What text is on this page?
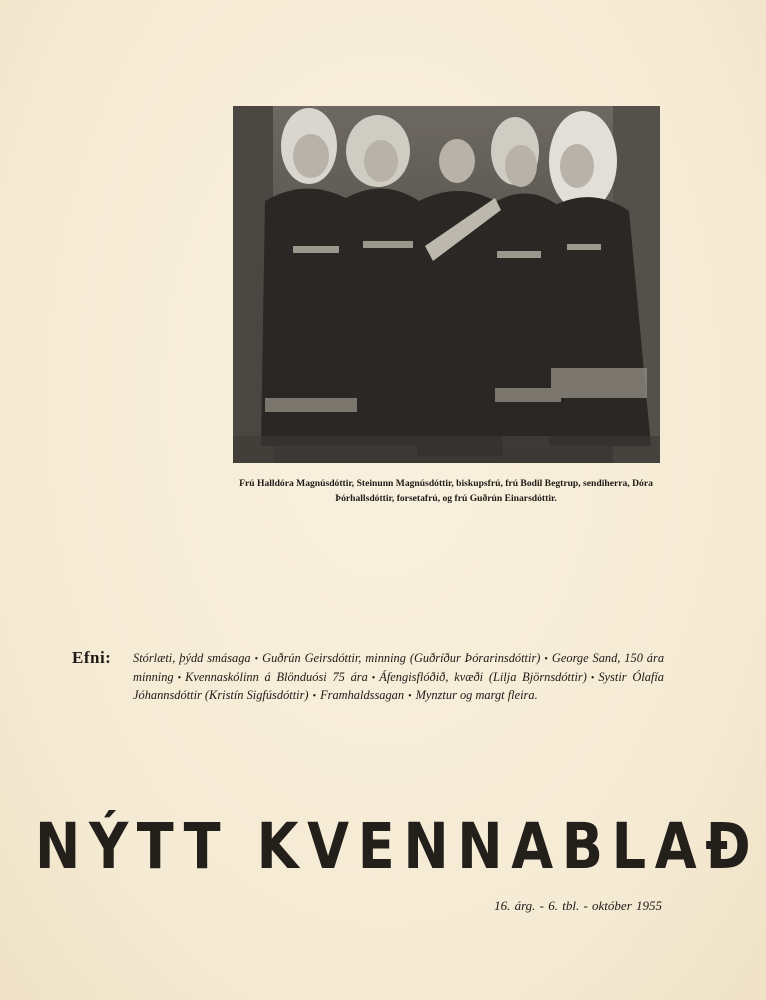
Frú Halldóra Magnúsdóttir, Steinunn Magnúsdóttir, biskupsfrú, frú Bodil Begtrup, sendiherra, Dóra Þórhallsdóttir, forsetafrú, og frú Guðrún Einarsdóttir.
Efni: Stórlæti, þýdd smásaga • Guðrún Geirsdóttir, minning (Guðríður Þórarinsdóttir) • George Sand, 150 ára minning • Kvennaskólinn á Blönduósi 75 ára • Áfengisflóðið, kvæði (Lilja Björnsdóttir) • Systir Ólafía Jóhannsdóttir (Kristín Sigfúsdóttir) • Framhaldssagan • Mynztur og margt fleira.
NÝTT KVENNABLAÐ
16. árg. - 6. tbl. - október 1955
